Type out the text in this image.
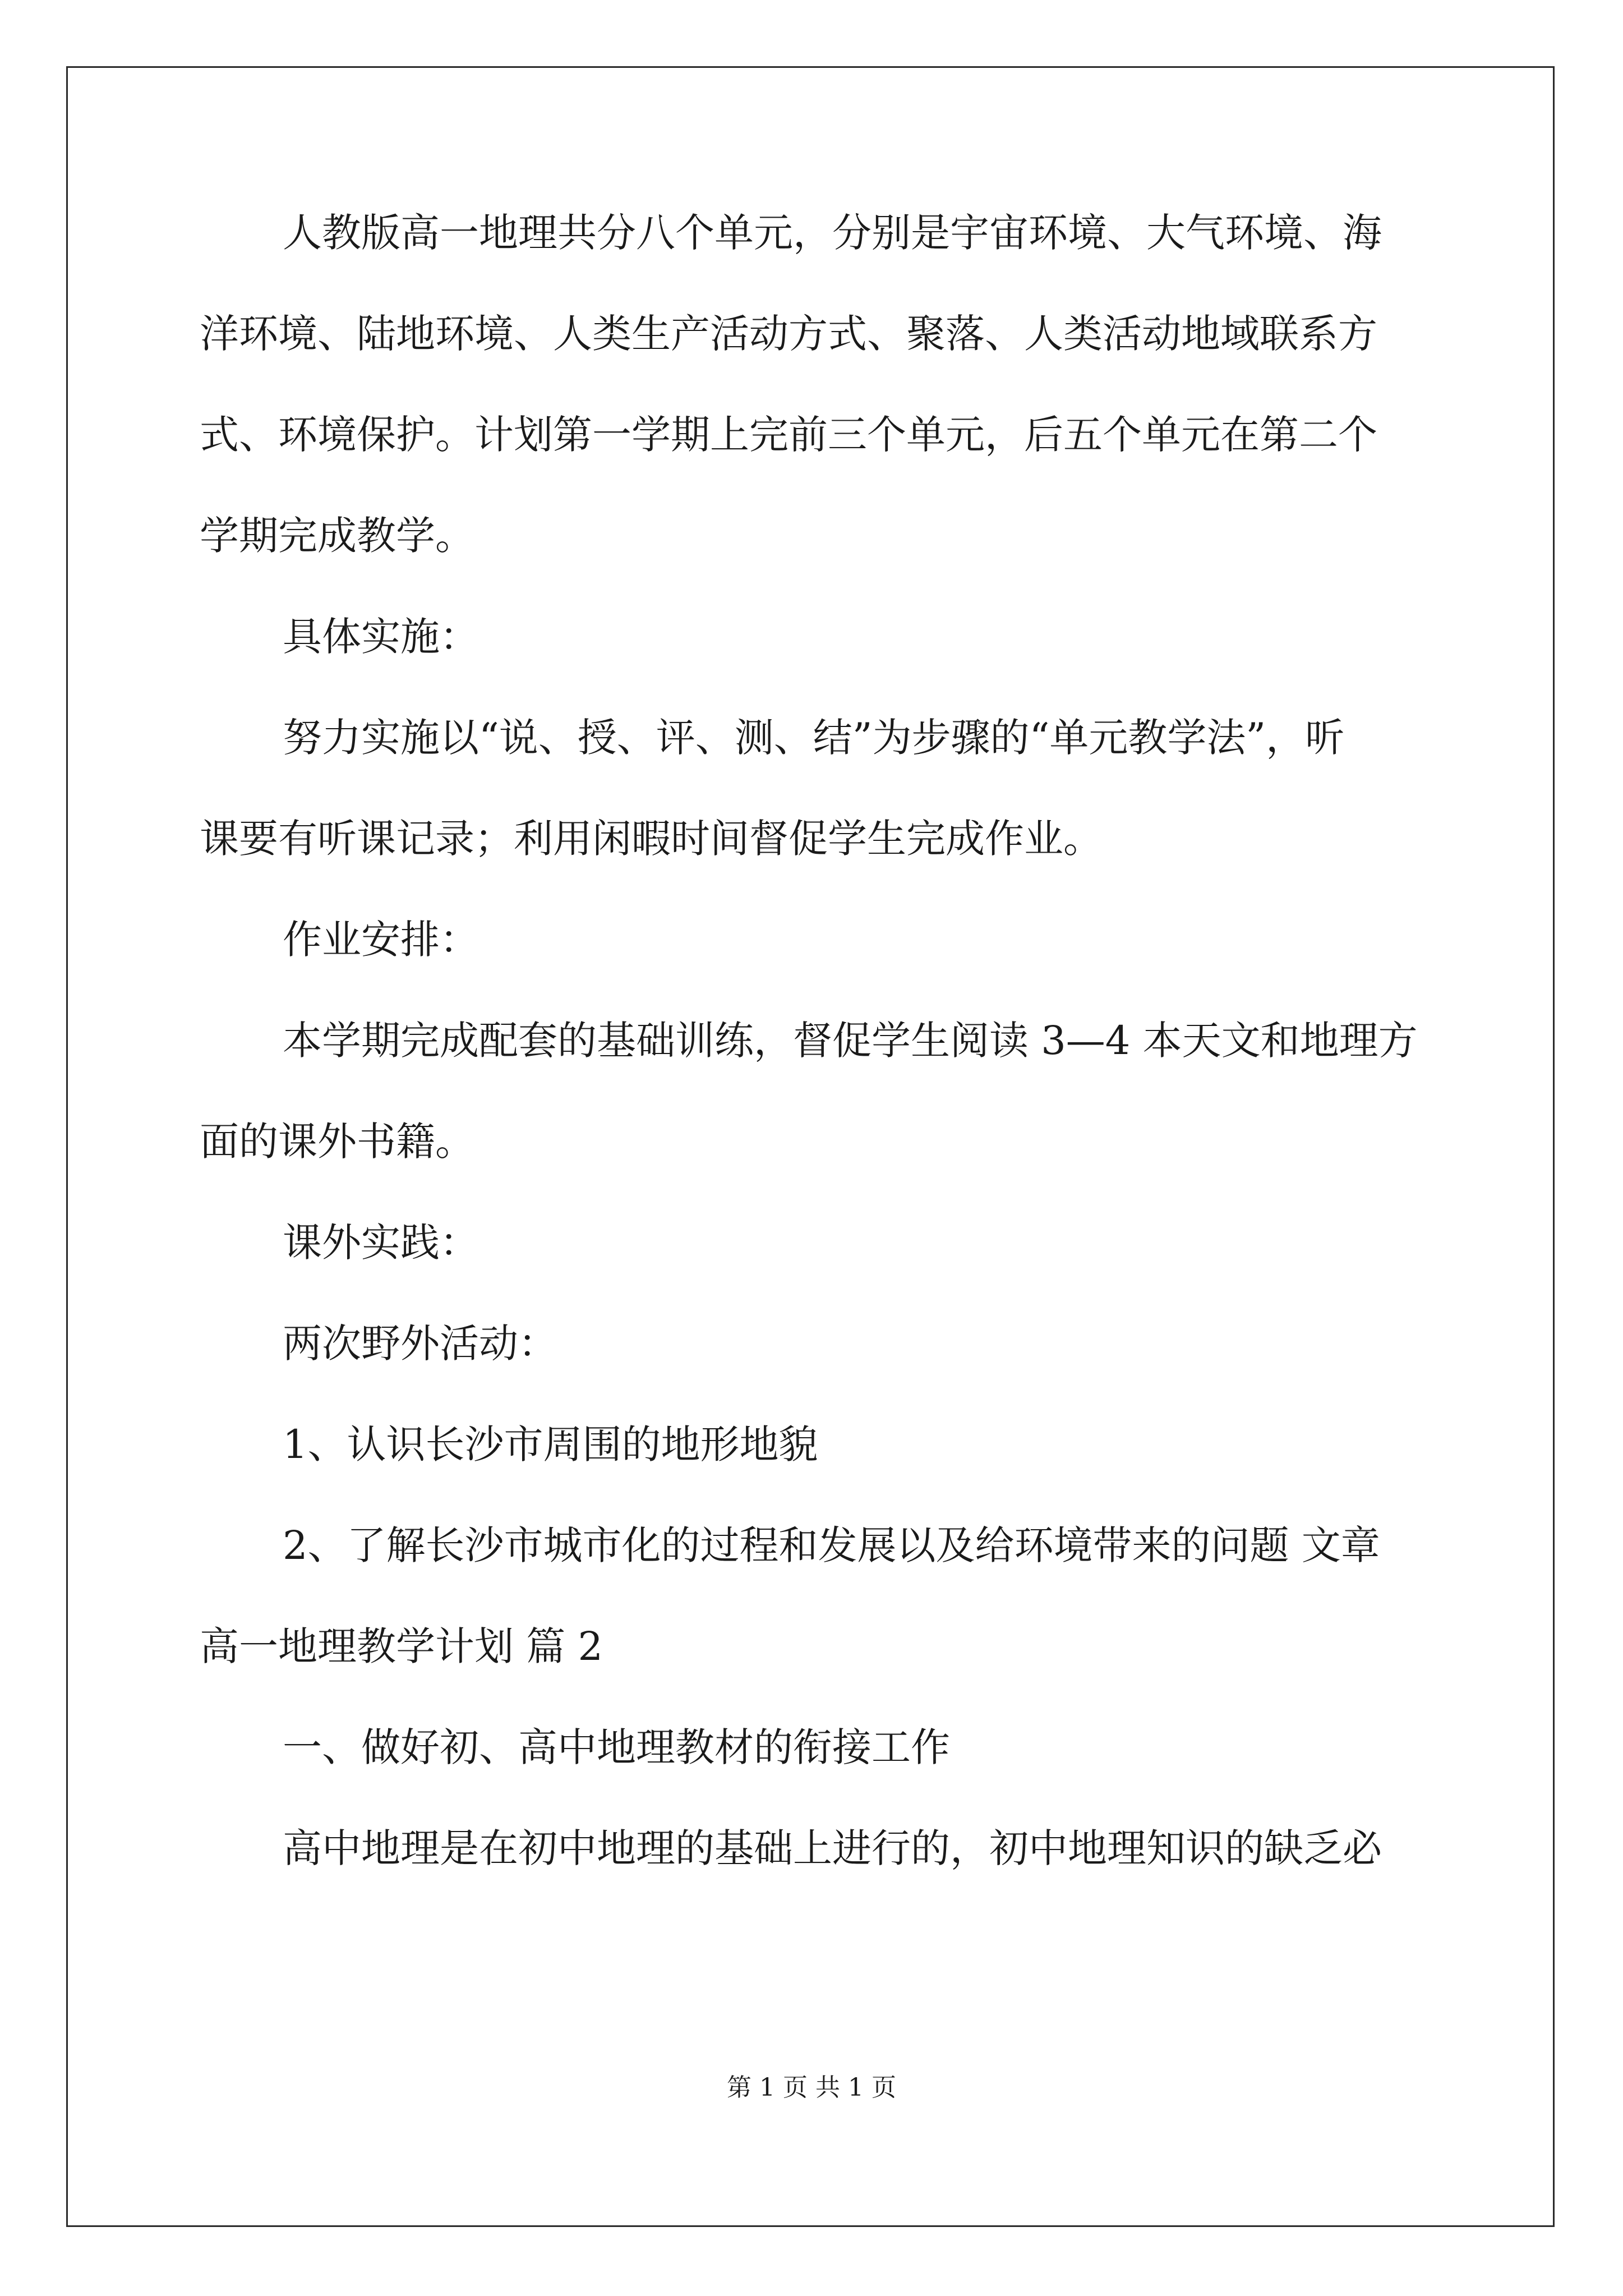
人教版高一地理共分八个单元，分别是宇宙环境、大气环境、海
洋环境、陆地环境、人类生产活动方式、聚落、人类活动地域联系方
式、环境保护。计划第一学期上完前三个单元，后五个单元在第二个
学期完成教学。
具体实施：
努力实施以“说、授、评、测、结”为步骤的“单元教学法”，听
课要有听课记录；利用闲暇时间督促学生完成作业。
作业安排：
本学期完成配套的基础训练，督促学生阅读 3—4 本天文和地理方
面的课外书籍。
课外实践：
两次野外活动：
1、认识长沙市周围的地形地貌
2、了解长沙市城市化的过程和发展以及给环境带来的问题 文章
高一地理教学计划 篇 2
一、做好初、高中地理教材的衔接工作
高中地理是在初中地理的基础上进行的，初中地理知识的缺乏必
第 1 页 共 1 页
